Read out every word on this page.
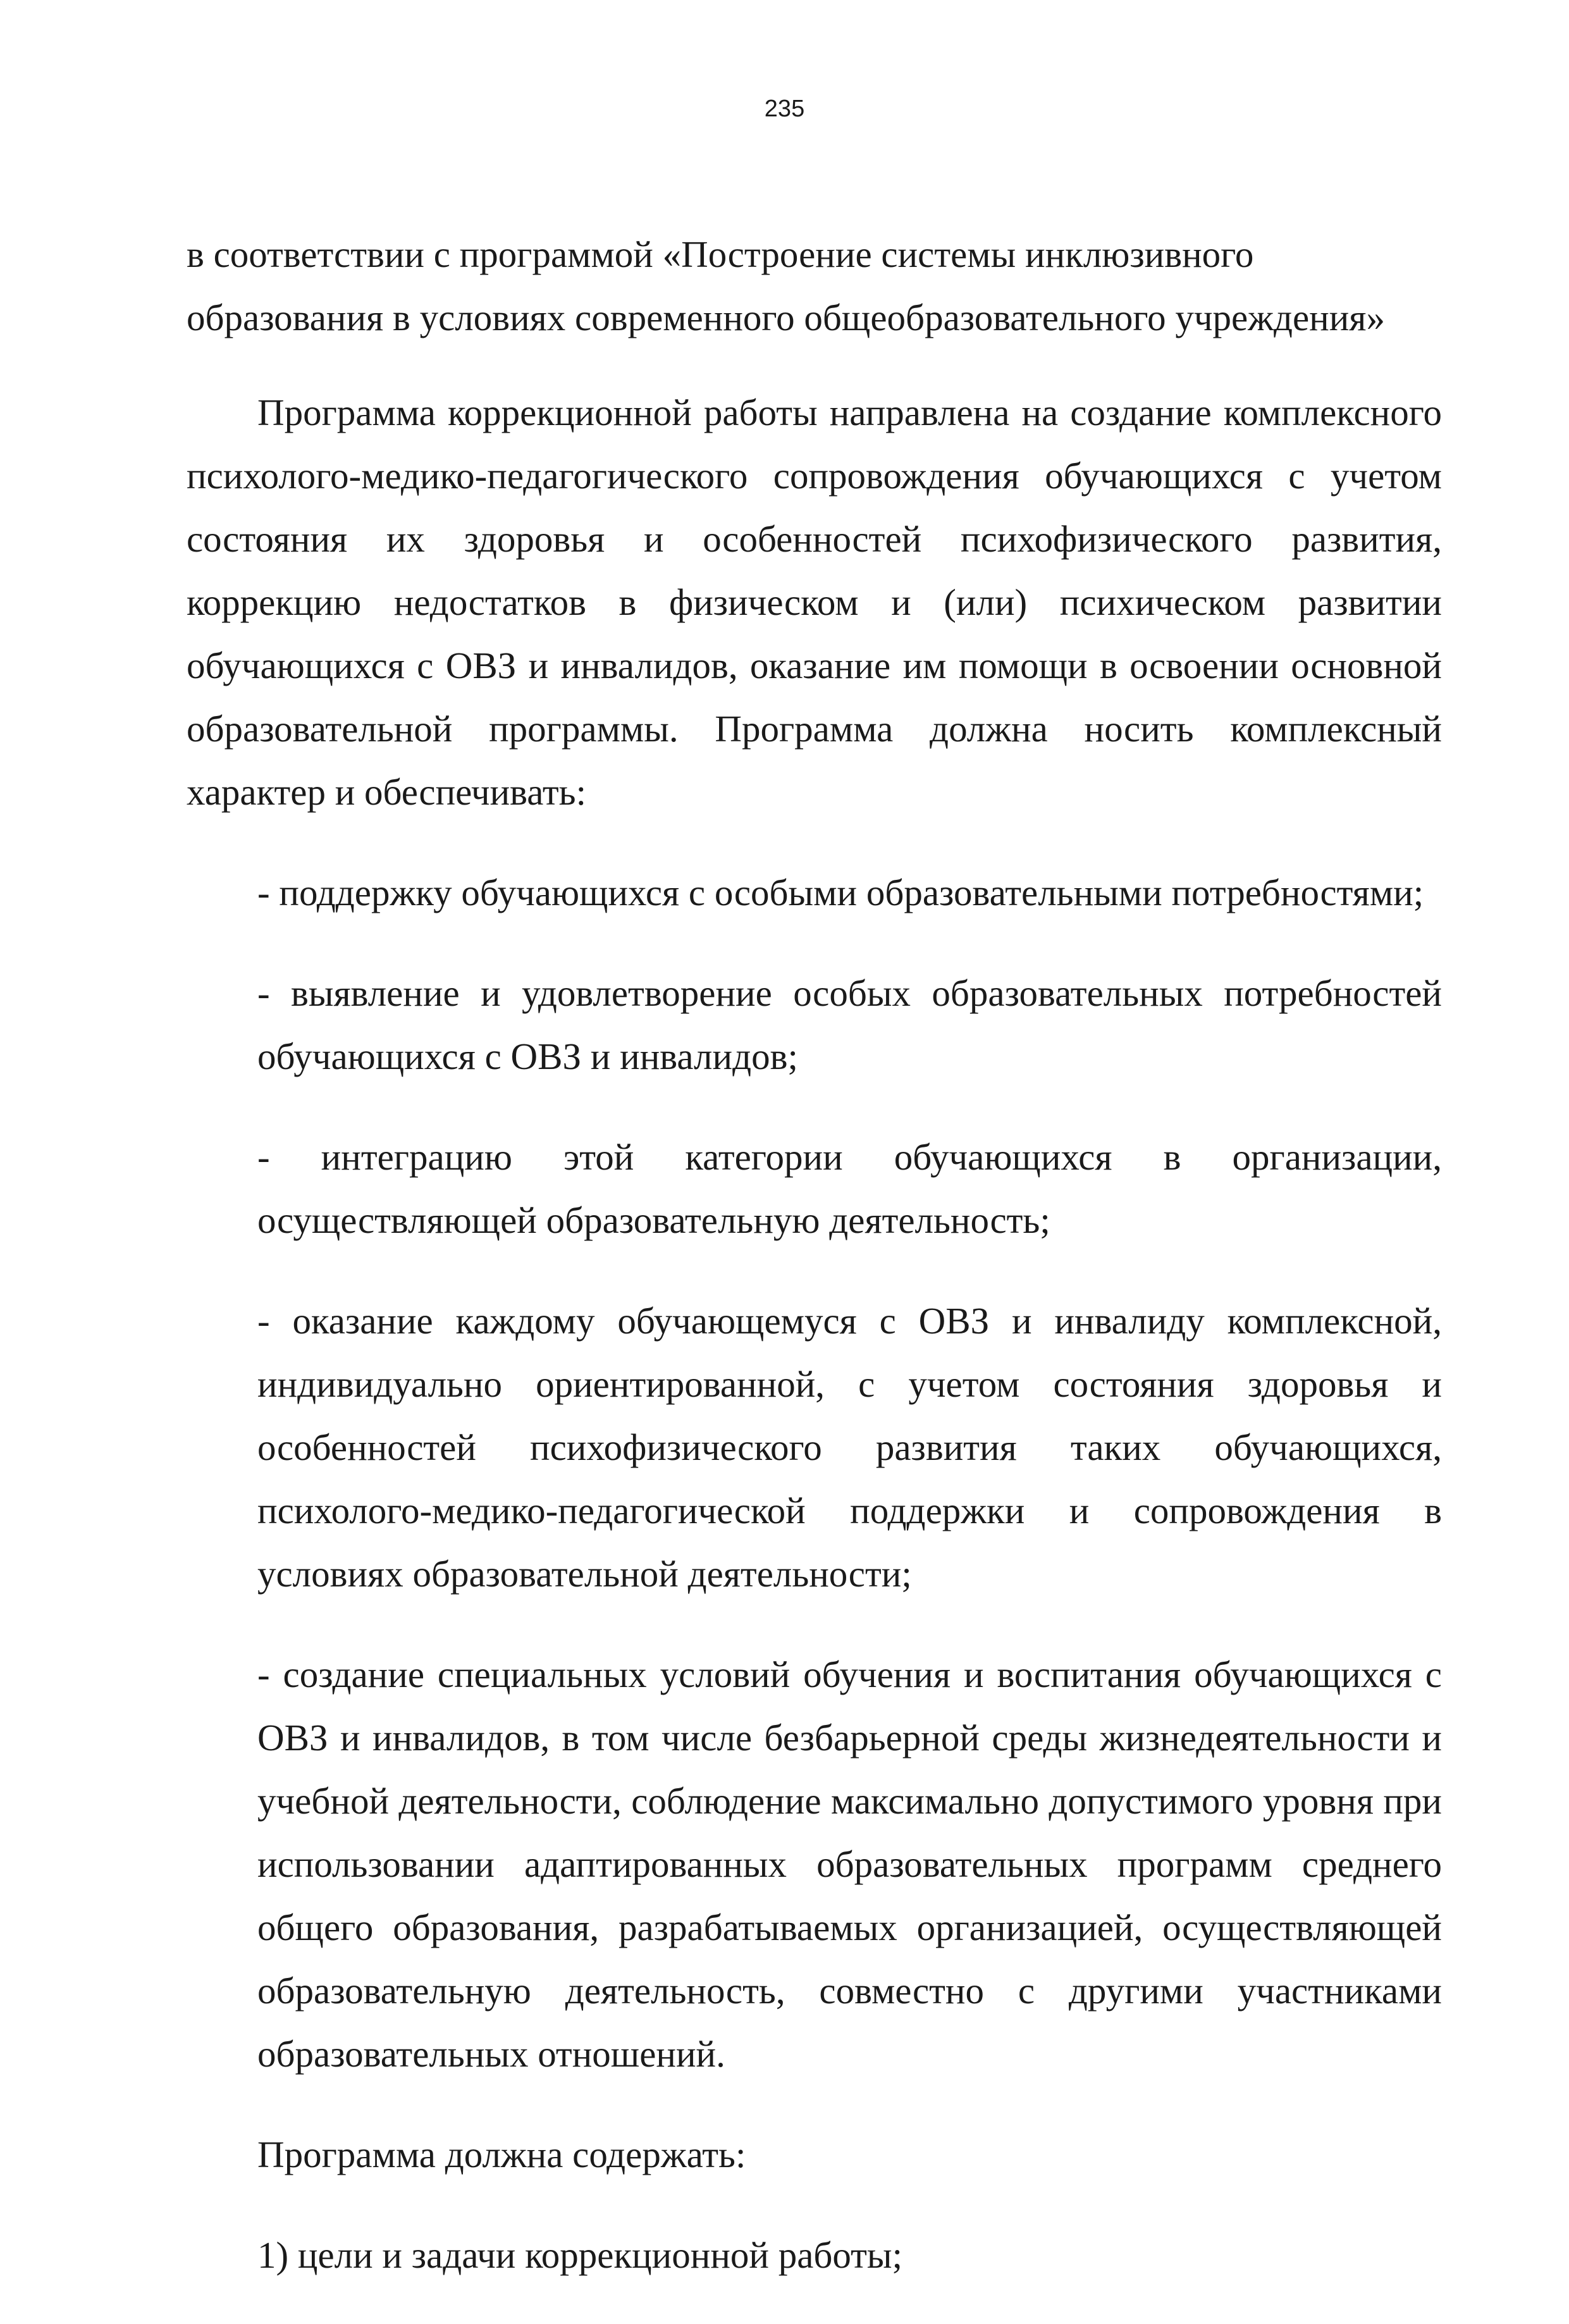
235

в соответствии с программой «Построение системы инклюзивного образования в условиях современного общеобразовательного учреждения»

Программа коррекционной работы направлена на создание комплексного психолого-медико-педагогического сопровождения обучающихся с учетом состояния их здоровья и особенностей психофизического развития, коррекцию недостатков в физическом и (или) психическом развитии обучающихся с ОВЗ и инвалидов, оказание им помощи в освоении основной образовательной программы. Программа должна носить комплексный характер и обеспечивать:

- поддержку обучающихся с особыми образовательными потребностями;

- выявление и удовлетворение особых образовательных потребностей обучающихся с ОВЗ и инвалидов;

- интеграцию этой категории обучающихся в организации, осуществляющей образовательную деятельность;

- оказание каждому обучающемуся с ОВЗ и инвалиду комплексной, индивидуально ориентированной, с учетом состояния здоровья и особенностей психофизического развития таких обучающихся, психолого-медико-педагогической поддержки и сопровождения в условиях образовательной деятельности;

- создание специальных условий обучения и воспитания обучающихся с ОВЗ и инвалидов, в том числе безбарьерной среды жизнедеятельности и учебной деятельности, соблюдение максимально допустимого уровня при использовании адаптированных образовательных программ среднего общего образования, разрабатываемых организацией, осуществляющей образовательную деятельность, совместно с другими участниками образовательных отношений.

Программа должна содержать:

1) цели и задачи коррекционной работы;
